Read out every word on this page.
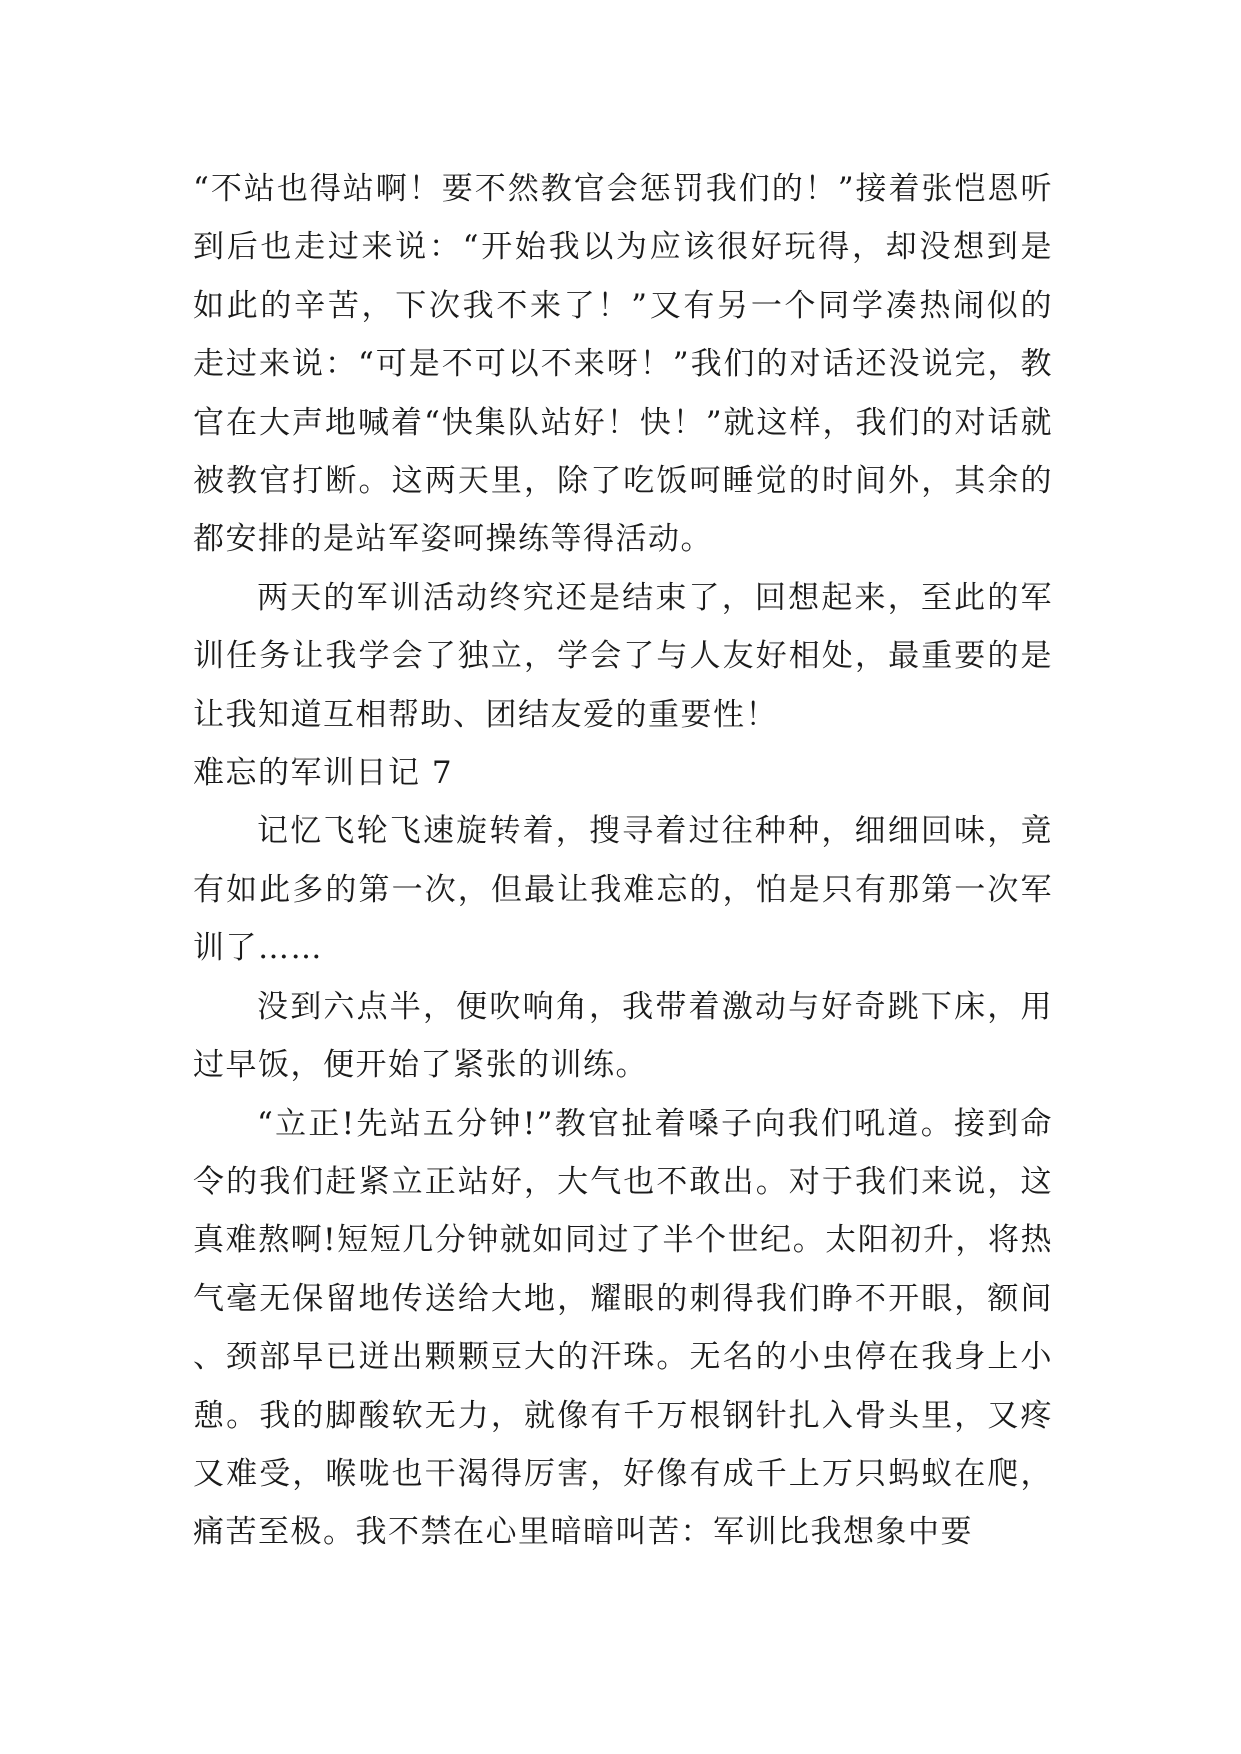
“不站也得站啊！要不然教官会惩罚我们的！”接着张恺恩听到后也走过来说：“开始我以为应该很好玩得，却没想到是如此的辛苦，下次我不来了！”又有另一个同学凑热闹似的走过来说：“可是不可以不来呀！”我们的对话还没说完，教官在大声地喊着“快集队站好！快！”就这样，我们的对话就被教官打断。这两天里，除了吃饭呵睡觉的时间外，其余的都安排的是站军姿呵操练等得活动。

两天的军训活动终究还是结束了，回想起来，至此的军训任务让我学会了独立，学会了与人友好相处，最重要的是让我知道互相帮助、团结友爱的重要性！

难忘的军训日记 7

记忆飞轮飞速旋转着，搜寻着过往种种，细细回味，竟有如此多的第一次，但最让我难忘的，怕是只有那第一次军训了……

没到六点半，便吹响角，我带着激动与好奇跳下床，用过早饭，便开始了紧张的训练。

“立正!先站五分钟!”教官扯着嗓子向我们吼道。接到命令的我们赶紧立正站好，大气也不敢出。对于我们来说，这真难熬啊!短短几分钟就如同过了半个世纪。太阳初升，将热气毫无保留地传送给大地，耀眼的刺得我们睁不开眼，额间、颈部早已迸出颗颗豆大的汗珠。无名的小虫停在我身上小憩。我的脚酸软无力，就像有千万根钢针扎入骨头里，又疼又难受，喉咙也干渴得厉害，好像有成千上万只蚂蚁在爬，痛苦至极。我不禁在心里暗暗叫苦：军训比我想象中要
